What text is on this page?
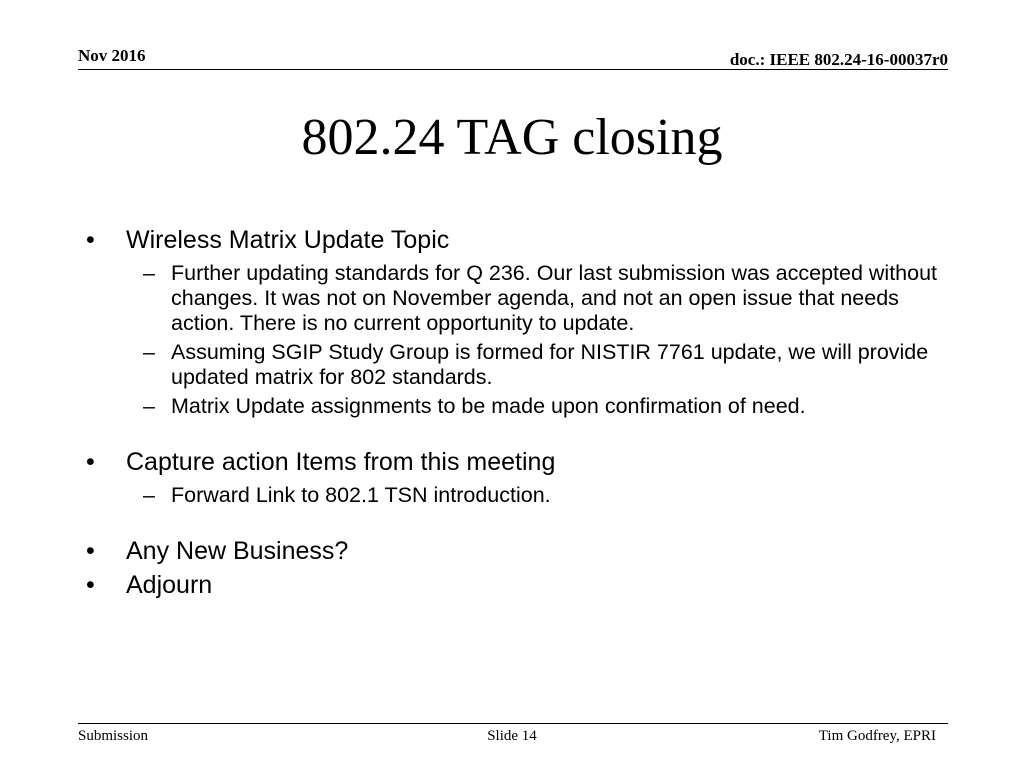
Nov 2016	doc.: IEEE 802.24-16-00037r0
802.24 TAG closing
• Wireless Matrix Update Topic
– Further updating standards for Q 236. Our last submission was accepted without changes. It was not on November agenda, and not an open issue that needs action. There is no current opportunity to update.
– Assuming SGIP Study Group is formed for NISTIR 7761 update, we will provide updated matrix for 802 standards.
– Matrix Update assignments to be made upon confirmation of need.
• Capture action Items from this meeting
– Forward Link to 802.1 TSN introduction.
• Any New Business?
• Adjourn
Submission	Slide 14	Tim Godfrey, EPRI
